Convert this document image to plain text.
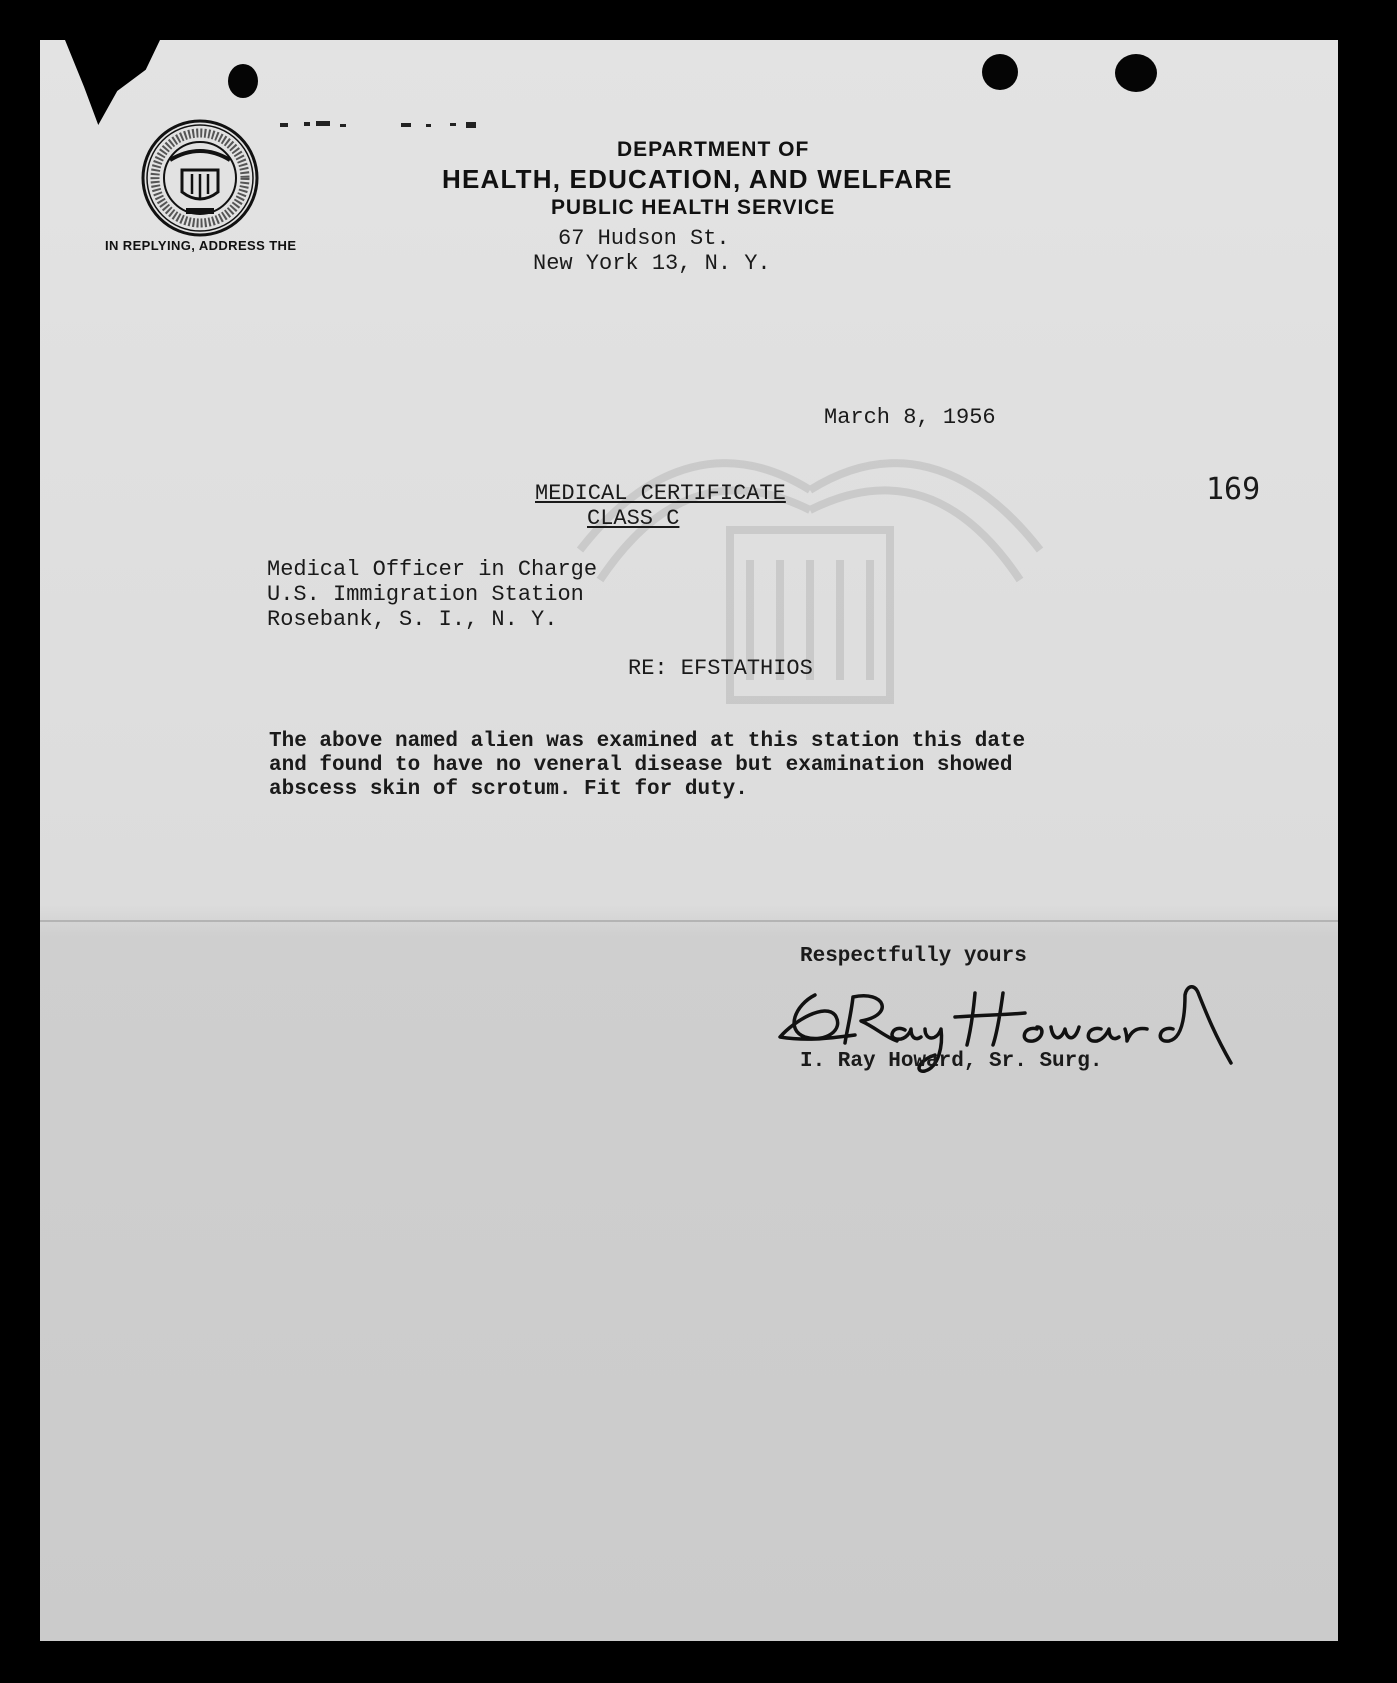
IN REPLYING, ADDRESS THE
DEPARTMENT OF
HEALTH, EDUCATION, AND WELFARE
PUBLIC HEALTH SERVICE
67 Hudson St.
New York 13, N. Y.
March 8, 1956
169
MEDICAL CERTIFICATE
CLASS C
Medical Officer in Charge
U.S. Immigration Station
Rosebank, S. I., N. Y.
RE: EFSTATHIOS
The above named alien was examined at this station this date
and found to have no veneral disease but examination showed
abscess skin of scrotum. Fit for duty.
Respectfully yours
I. Ray Howard, Sr. Surg.
